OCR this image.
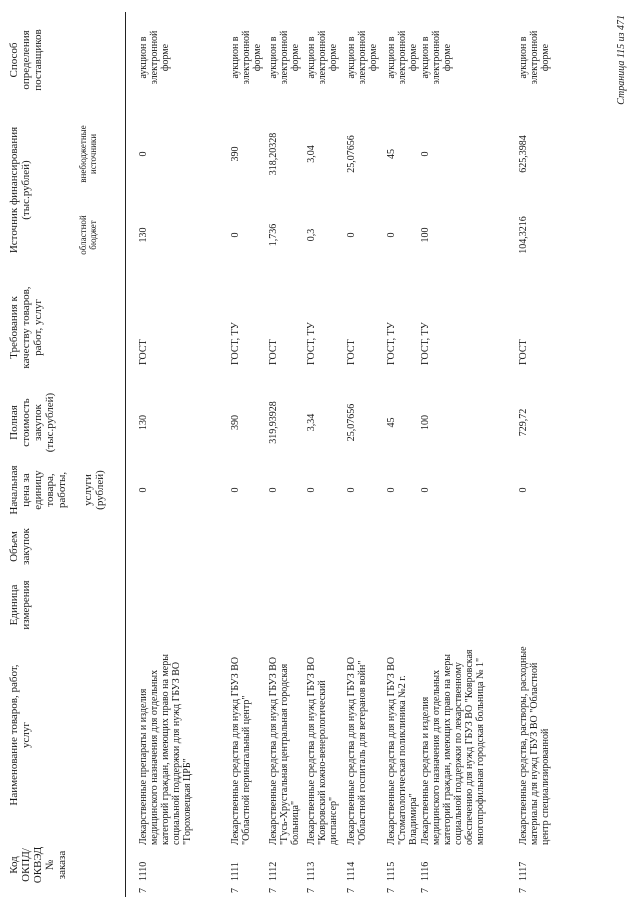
Код ОКПД/ ОКВЭД № заказа
Наименование товаров, работ, услуг
Единица измерения
Объем закупок
Начальная цена за единицу товара, работы, услуги (рублей)
Полная стоимость закупок (тыс.рублей)
Требования к качеству товаров, работ, услуг
Источник финансирования (тыс.рублей)
областной бюджет
внебюджетные источники
Способ определения поставщиков
7
1110
Лекарственные препараты и изделия медицинского назначения для отдельных категорий граждан, имеющих право на меры социальной поддержки для нужд ГБУЗ ВО "Гороховецкая ЦРБ"
0
130
ГОСТ
130
0
аукцион в электронной форме
7
1111
Лекарственные средства для нужд ГБУЗ ВО "Областной перинатальный центр"
0
390
ГОСТ, ТУ
0
390
аукцион в электронной форме
7
1112
Лекарственные средства для нужд ГБУЗ ВО "Гусь-Хрустальная центральная городская больница"
0
319,93928
ГОСТ
1,736
318,20328
аукцион в электронной форме
7
1113
Лекарственные средства для нужд ГБУЗ ВО "Ковровский кожно-венерологический диспансер"
0
3,34
ГОСТ, ТУ
0,3
3,04
аукцион в электронной форме
7
1114
Лекарственные средства для нужд ГБУЗ ВО "Областной госпиталь для ветеранов войн"
0
25,07656
ГОСТ
0
25,07656
аукцион в электронной форме
7
1115
Лекарственные средства для нужд ГБУЗ ВО "Стоматологическая поликлиника №2 г. Владимира"
0
45
ГОСТ, ТУ
0
45
аукцион в электронной форме
7
1116
Лекарственные средства и изделия медицинского назначения для отдельных категорий граждан, имеющих право на меры социальной поддержки по лекарственному обеспечению для нужд ГБУЗ ВО "Ковровская многопрофильная городская больница № 1"
0
100
ГОСТ, ТУ
100
0
аукцион в электронной форме
7
1117
Лекарственные средства, растворы, расходные материалы для нужд ГБУЗ ВО "Областной центр специализированной
0
729,72
ГОСТ
104,3216
625,3984
аукцион в электронной форме	Страница 115 из 471
